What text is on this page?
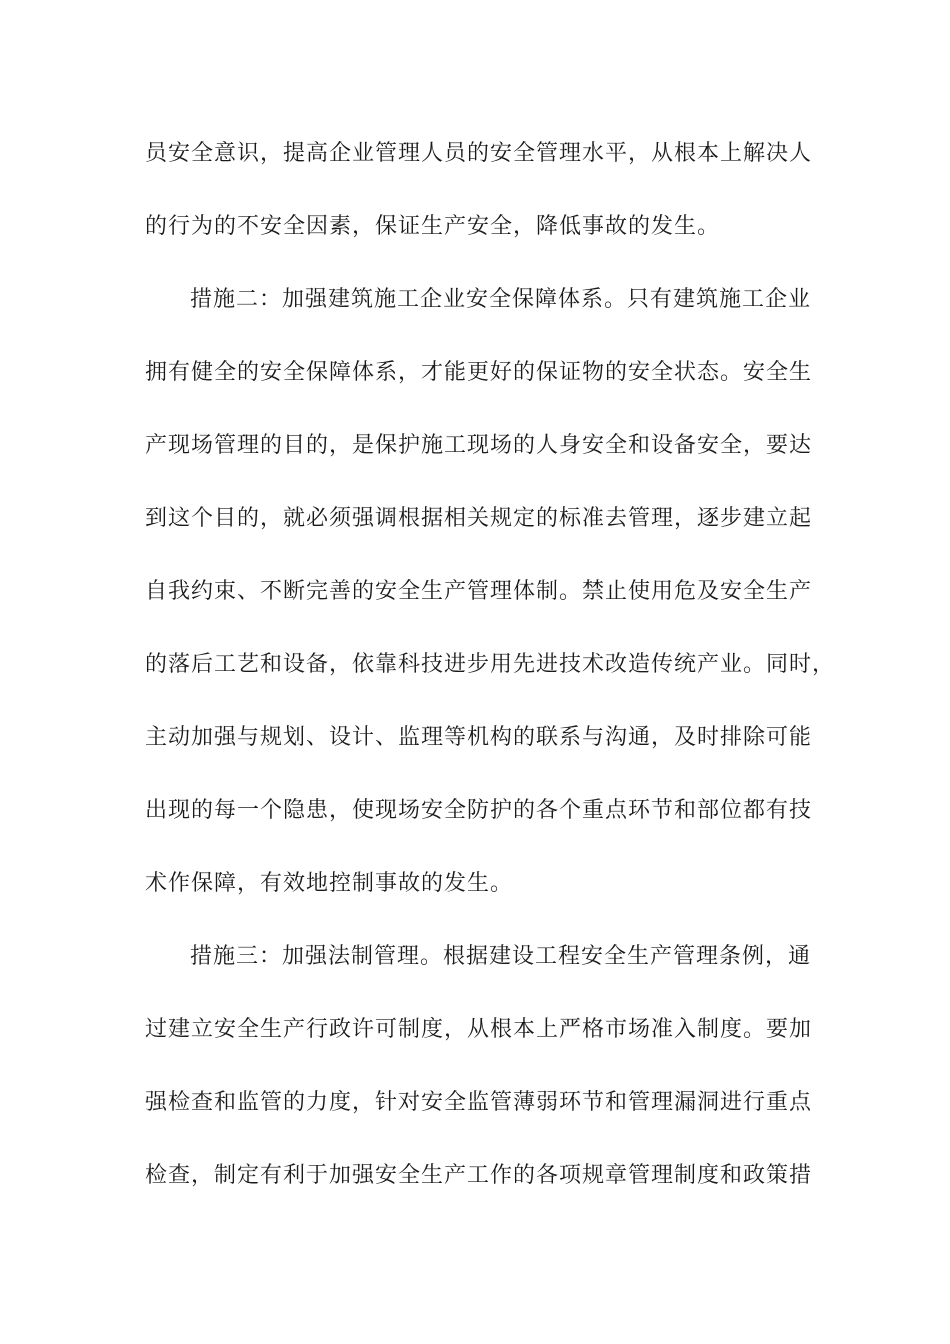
员安全意识，提高企业管理人员的安全管理水平，从根本上解决人
的行为的不安全因素，保证生产安全，降低事故的发生。
措施二：加强建筑施工企业安全保障体系。只有建筑施工企业
拥有健全的安全保障体系，才能更好的保证物的安全状态。安全生
产现场管理的目的，是保护施工现场的人身安全和设备安全，要达
到这个目的，就必须强调根据相关规定的标准去管理，逐步建立起
自我约束、不断完善的安全生产管理体制。禁止使用危及安全生产
的落后工艺和设备，依靠科技进步用先进技术改造传统产业。同时，
主动加强与规划、设计、监理等机构的联系与沟通，及时排除可能
出现的每一个隐患，使现场安全防护的各个重点环节和部位都有技
术作保障，有效地控制事故的发生。
措施三：加强法制管理。根据建设工程安全生产管理条例，通
过建立安全生产行政许可制度，从根本上严格市场准入制度。要加
强检查和监管的力度，针对安全监管薄弱环节和管理漏洞进行重点
检查，制定有利于加强安全生产工作的各项规章管理制度和政策措
